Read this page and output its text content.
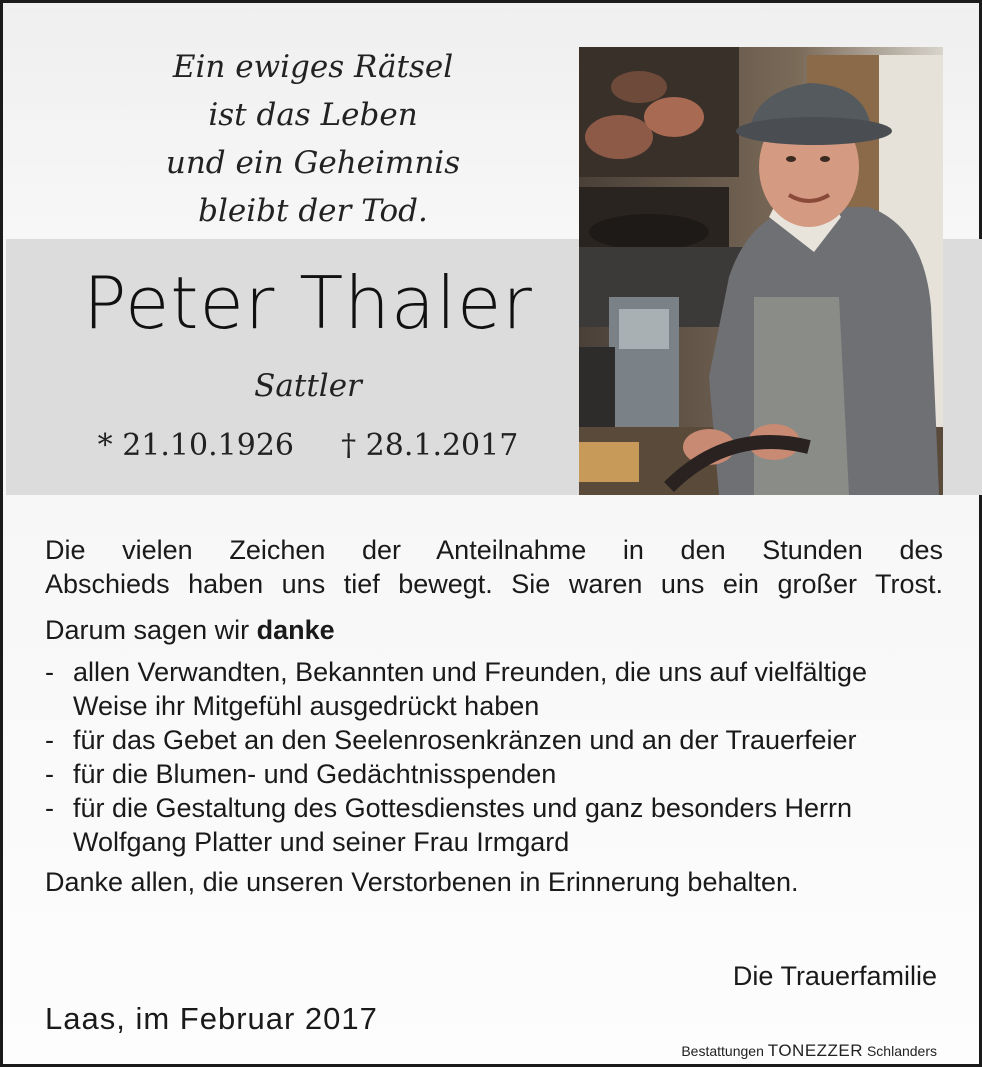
Ein ewiges Rätsel
ist das Leben
und ein Geheimnis
bleibt der Tod.
Peter Thaler
Sattler
* 21.10.1926 † 28.1.2017
Die vielen Zeichen der Anteilnahme in den Stunden des
Abschieds haben uns tief bewegt. Sie waren uns ein großer Trost.
Darum sagen wir danke
- allen Verwandten, Bekannten und Freunden, die uns auf vielfältige Weise ihr Mitgefühl ausgedrückt haben
- für das Gebet an den Seelenrosenkränzen und an der Trauerfeier
- für die Blumen- und Gedächtnisspenden
- für die Gestaltung des Gottesdienstes und ganz besonders Herrn Wolfgang Platter und seiner Frau Irmgard
Danke allen, die unseren Verstorbenen in Erinnerung behalten.
Die Trauerfamilie
Laas, im Februar 2017
Bestattungen TONEZZER Schlanders
